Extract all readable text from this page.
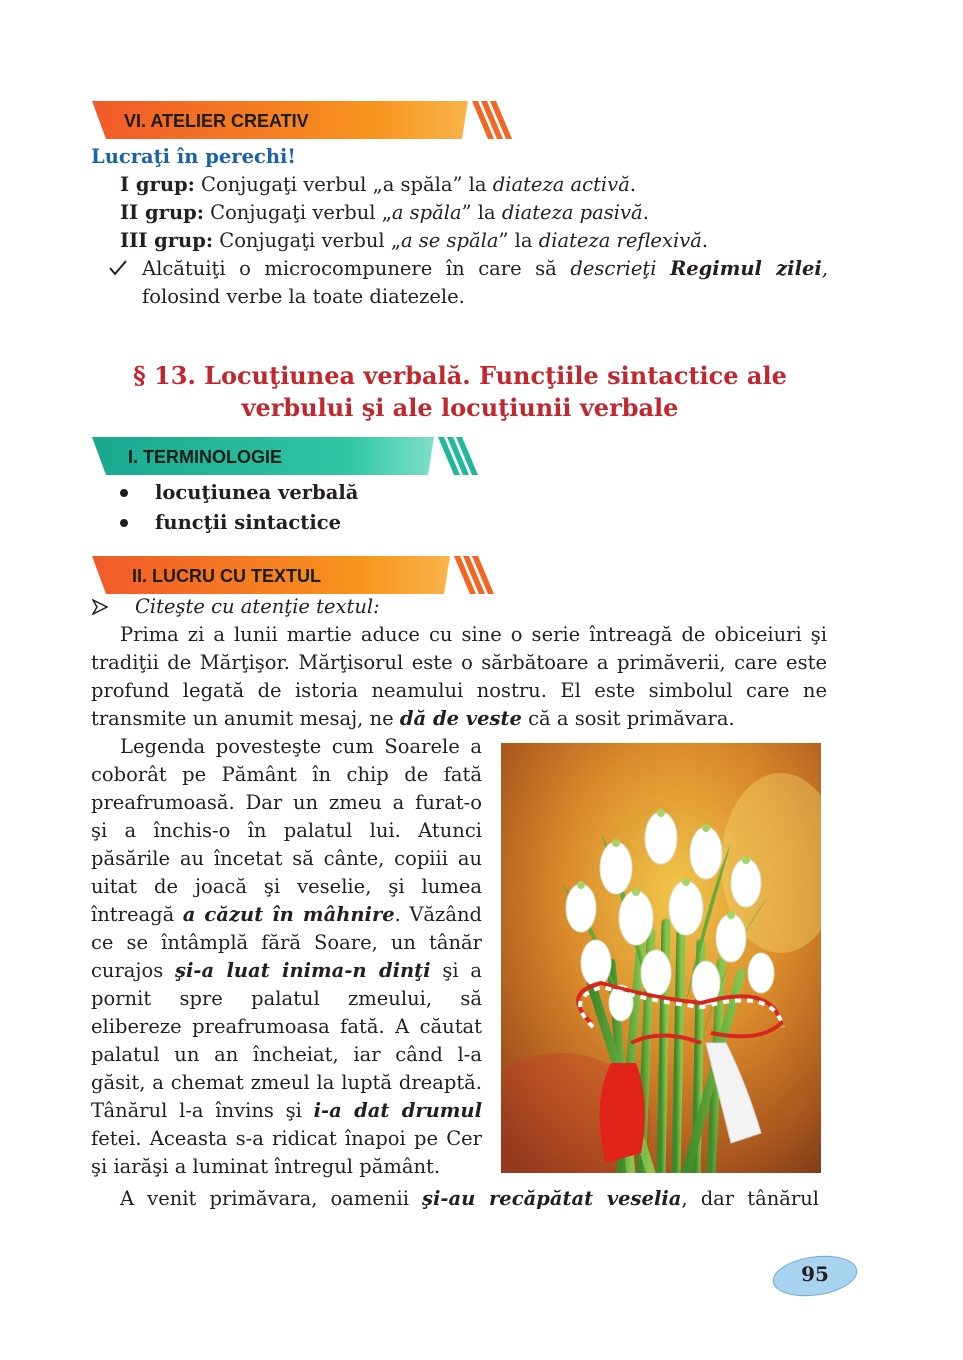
VI. ATELIER CREATIV
Lucraţi în perechi!
I grup: Conjugaţi verbul „a spăla” la diateza activă.
II grup: Conjugaţi verbul „a spăla” la diateza pasivă.
III grup: Conjugaţi verbul „a se spăla” la diateza reflexivă.
Alcătuiţi o microcompunere în care să descrieţi Regimul zilei,
folosind verbe la toate diatezele.
§ 13. Locuţiunea verbală. Funcţiile sintactice ale
verbului şi ale locuţiunii verbale
I. TERMINOLOGIE
locuţiunea verbală
funcţii sintactice
II. LUCRU CU TEXTUL
Citeşte cu atenţie textul:
Prima zi a lunii martie aduce cu sine o serie întreagă de obiceiuri şi
tradiţii de Mărţişor. Mărţisorul este o sărbătoare a primăverii, care este
profund legată de istoria neamului nostru. El este simbolul care ne
transmite un anumit mesaj, ne dă de veste că a sosit primăvara.
Legenda povesteşte cum Soarele a
coborât pe Pământ în chip de fată
preafrumoasă. Dar un zmeu a furat-o
şi a închis-o în palatul lui. Atunci
păsările au încetat să cânte, copiii au
uitat de joacă şi veselie, şi lumea
întreagă a căzut în mâhnire. Văzând
ce se întâmplă fără Soare, un tânăr
curajos şi-a luat inima-n dinţi şi a
pornit spre palatul zmeului, să
elibereze preafrumoasa fată. A căutat
palatul un an încheiat, iar când l-a
găsit, a chemat zmeul la luptă dreaptă.
Tânărul l-a învins şi i-a dat drumul
fetei. Aceasta s-a ridicat înapoi pe Cer
şi iarăşi a luminat întregul pământ.
A venit primăvara, oamenii şi-au recăpătat veselia, dar tânărul
95
